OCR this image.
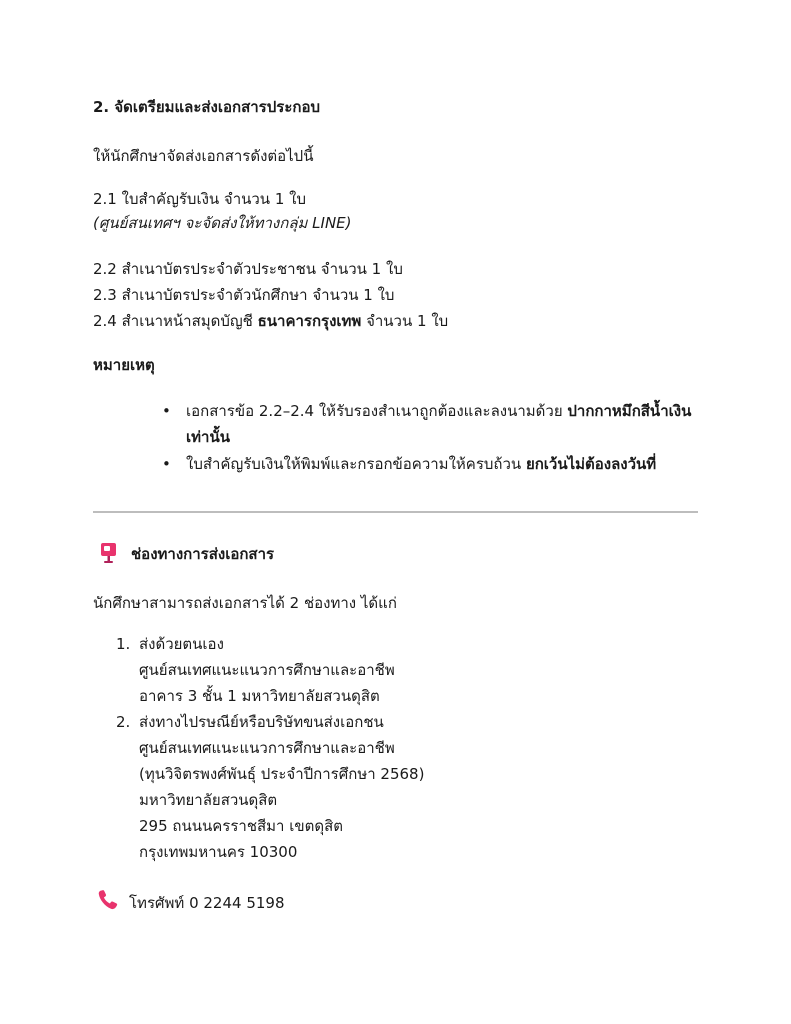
2. จัดเตรียมและส่งเอกสารประกอบ
ให้นักศึกษาจัดส่งเอกสารดังต่อไปนี้
2.1 ใบสำคัญรับเงิน จำนวน 1 ใบ
(ศูนย์สนเทศฯ จะจัดส่งให้ทางกลุ่ม LINE)
2.2 สำเนาบัตรประจำตัวประชาชน จำนวน 1 ใบ
2.3 สำเนาบัตรประจำตัวนักศึกษา จำนวน 1 ใบ
2.4 สำเนาหน้าสมุดบัญชี ธนาคารกรุงเทพ จำนวน 1 ใบ
หมายเหตุ
• เอกสารข้อ 2.2–2.4 ให้รับรองสำเนาถูกต้องและลงนามด้วย ปากกาหมึกสีน้ำเงิน
เท่านั้น
• ใบสำคัญรับเงินให้พิมพ์และกรอกข้อความให้ครบถ้วน ยกเว้นไม่ต้องลงวันที่
ช่องทางการส่งเอกสาร
นักศึกษาสามารถส่งเอกสารได้ 2 ช่องทาง ได้แก่
1. ส่งด้วยตนเอง
ศูนย์สนเทศแนะแนวการศึกษาและอาชีพ
อาคาร 3 ชั้น 1 มหาวิทยาลัยสวนดุสิต
2. ส่งทางไปรษณีย์หรือบริษัทขนส่งเอกชน
ศูนย์สนเทศแนะแนวการศึกษาและอาชีพ
(ทุนวิจิตรพงศ์พันธุ์ ประจำปีการศึกษา 2568)
มหาวิทยาลัยสวนดุสิต
295 ถนนนครราชสีมา เขตดุสิต
กรุงเทพมหานคร 10300
โทรศัพท์ 0 2244 5198
